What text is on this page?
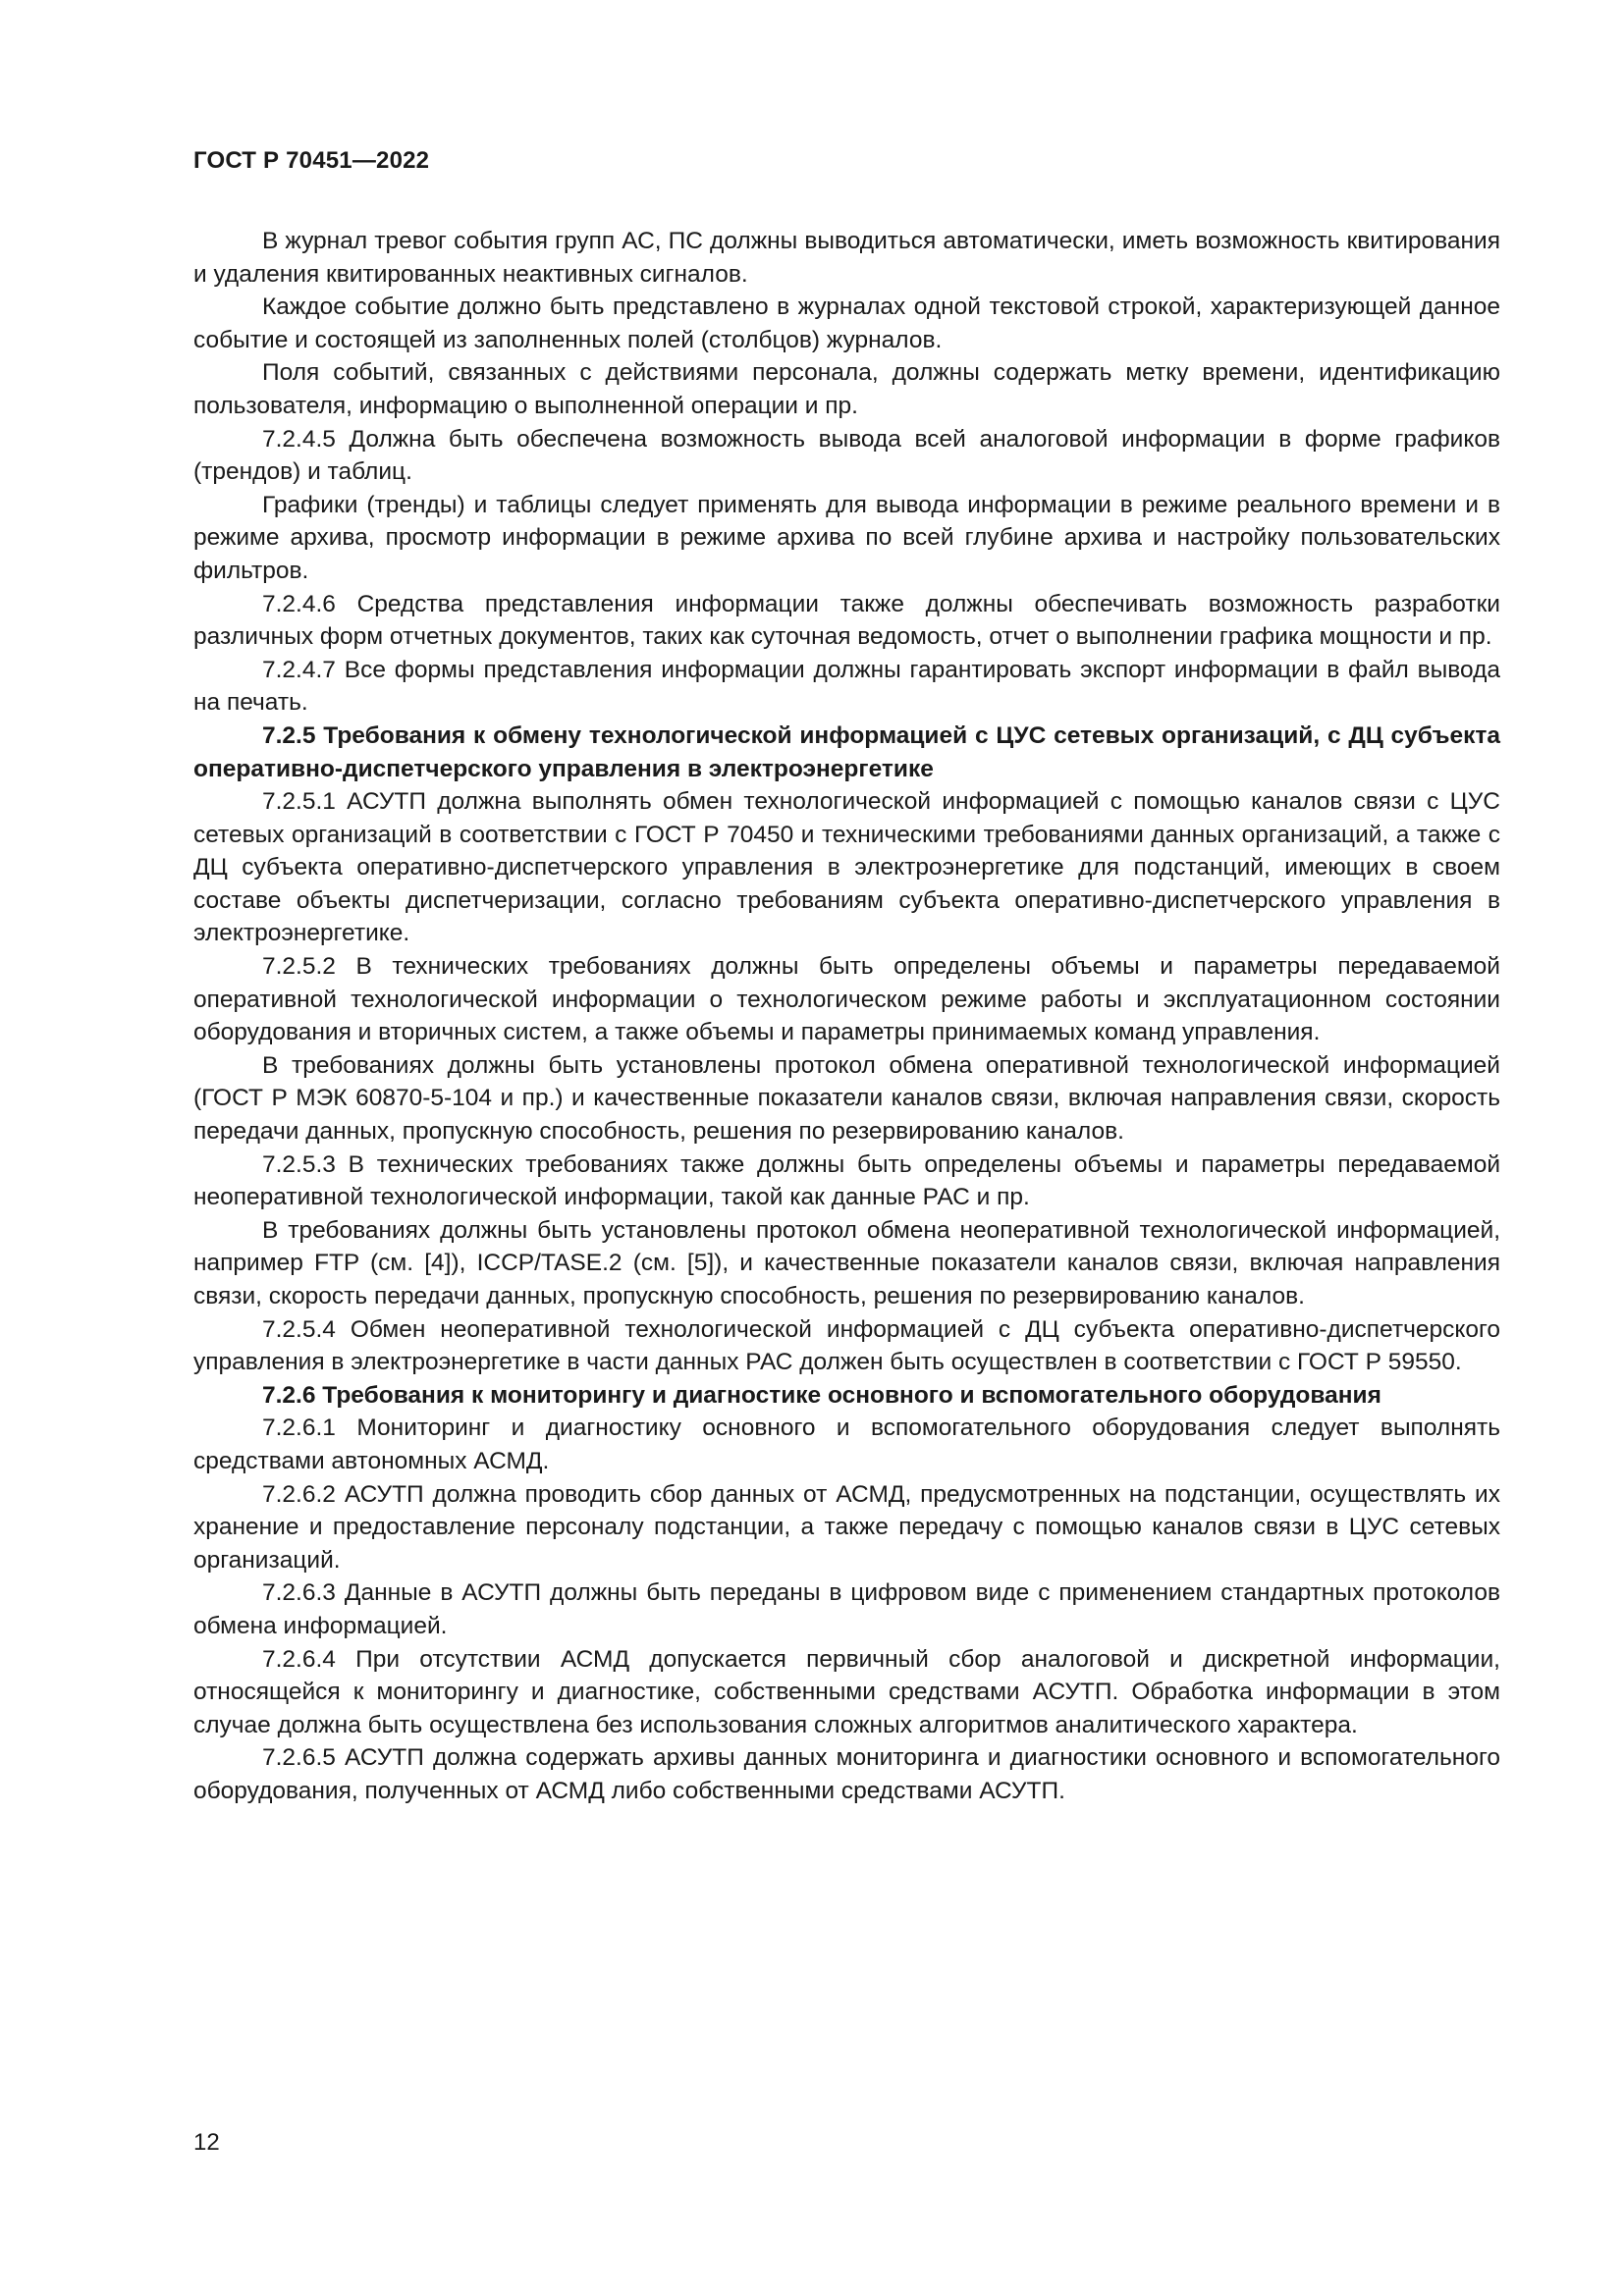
ГОСТ Р 70451—2022

В журнал тревог события групп АС, ПС должны выводиться автоматически, иметь возможность квитирования и удаления квитированных неактивных сигналов.

Каждое событие должно быть представлено в журналах одной текстовой строкой, характеризующей данное событие и состоящей из заполненных полей (столбцов) журналов.

Поля событий, связанных с действиями персонала, должны содержать метку времени, идентификацию пользователя, информацию о выполненной операции и пр.

7.2.4.5 Должна быть обеспечена возможность вывода всей аналоговой информации в форме графиков (трендов) и таблиц.

Графики (тренды) и таблицы следует применять для вывода информации в режиме реального времени и в режиме архива, просмотр информации в режиме архива по всей глубине архива и настройку пользовательских фильтров.

7.2.4.6 Средства представления информации также должны обеспечивать возможность разработки различных форм отчетных документов, таких как суточная ведомость, отчет о выполнении графика мощности и пр.

7.2.4.7 Все формы представления информации должны гарантировать экспорт информации в файл вывода на печать.

7.2.5 Требования к обмену технологической информацией с ЦУС сетевых организаций, с ДЦ субъекта оперативно-диспетчерского управления в электроэнергетике

7.2.5.1 АСУТП должна выполнять обмен технологической информацией с помощью каналов связи с ЦУС сетевых организаций в соответствии с ГОСТ Р 70450 и техническими требованиями данных организаций, а также с ДЦ субъекта оперативно-диспетчерского управления в электроэнергетике для подстанций, имеющих в своем составе объекты диспетчеризации, согласно требованиям субъекта оперативно-диспетчерского управления в электроэнергетике.

7.2.5.2 В технических требованиях должны быть определены объемы и параметры передаваемой оперативной технологической информации о технологическом режиме работы и эксплуатационном состоянии оборудования и вторичных систем, а также объемы и параметры принимаемых команд управления.

В требованиях должны быть установлены протокол обмена оперативной технологической информацией (ГОСТ Р МЭК 60870-5-104 и пр.) и качественные показатели каналов связи, включая направления связи, скорость передачи данных, пропускную способность, решения по резервированию каналов.

7.2.5.3 В технических требованиях также должны быть определены объемы и параметры передаваемой неоперативной технологической информации, такой как данные РАС и пр.

В требованиях должны быть установлены протокол обмена неоперативной технологической информацией, например FTP (см. [4]), ICCP/TASE.2 (см. [5]), и качественные показатели каналов связи, включая направления связи, скорость передачи данных, пропускную способность, решения по резервированию каналов.

7.2.5.4 Обмен неоперативной технологической информацией с ДЦ субъекта оперативно-диспетчерского управления в электроэнергетике в части данных РАС должен быть осуществлен в соответствии с ГОСТ Р 59550.

7.2.6 Требования к мониторингу и диагностике основного и вспомогательного оборудования

7.2.6.1 Мониторинг и диагностику основного и вспомогательного оборудования следует выполнять средствами автономных АСМД.

7.2.6.2 АСУТП должна проводить сбор данных от АСМД, предусмотренных на подстанции, осуществлять их хранение и предоставление персоналу подстанции, а также передачу с помощью каналов связи в ЦУС сетевых организаций.

7.2.6.3 Данные в АСУТП должны быть переданы в цифровом виде с применением стандартных протоколов обмена информацией.

7.2.6.4 При отсутствии АСМД допускается первичный сбор аналоговой и дискретной информации, относящейся к мониторингу и диагностике, собственными средствами АСУТП. Обработка информации в этом случае должна быть осуществлена без использования сложных алгоритмов аналитического характера.

7.2.6.5 АСУТП должна содержать архивы данных мониторинга и диагностики основного и вспомогательного оборудования, полученных от АСМД либо собственными средствами АСУТП.

12
